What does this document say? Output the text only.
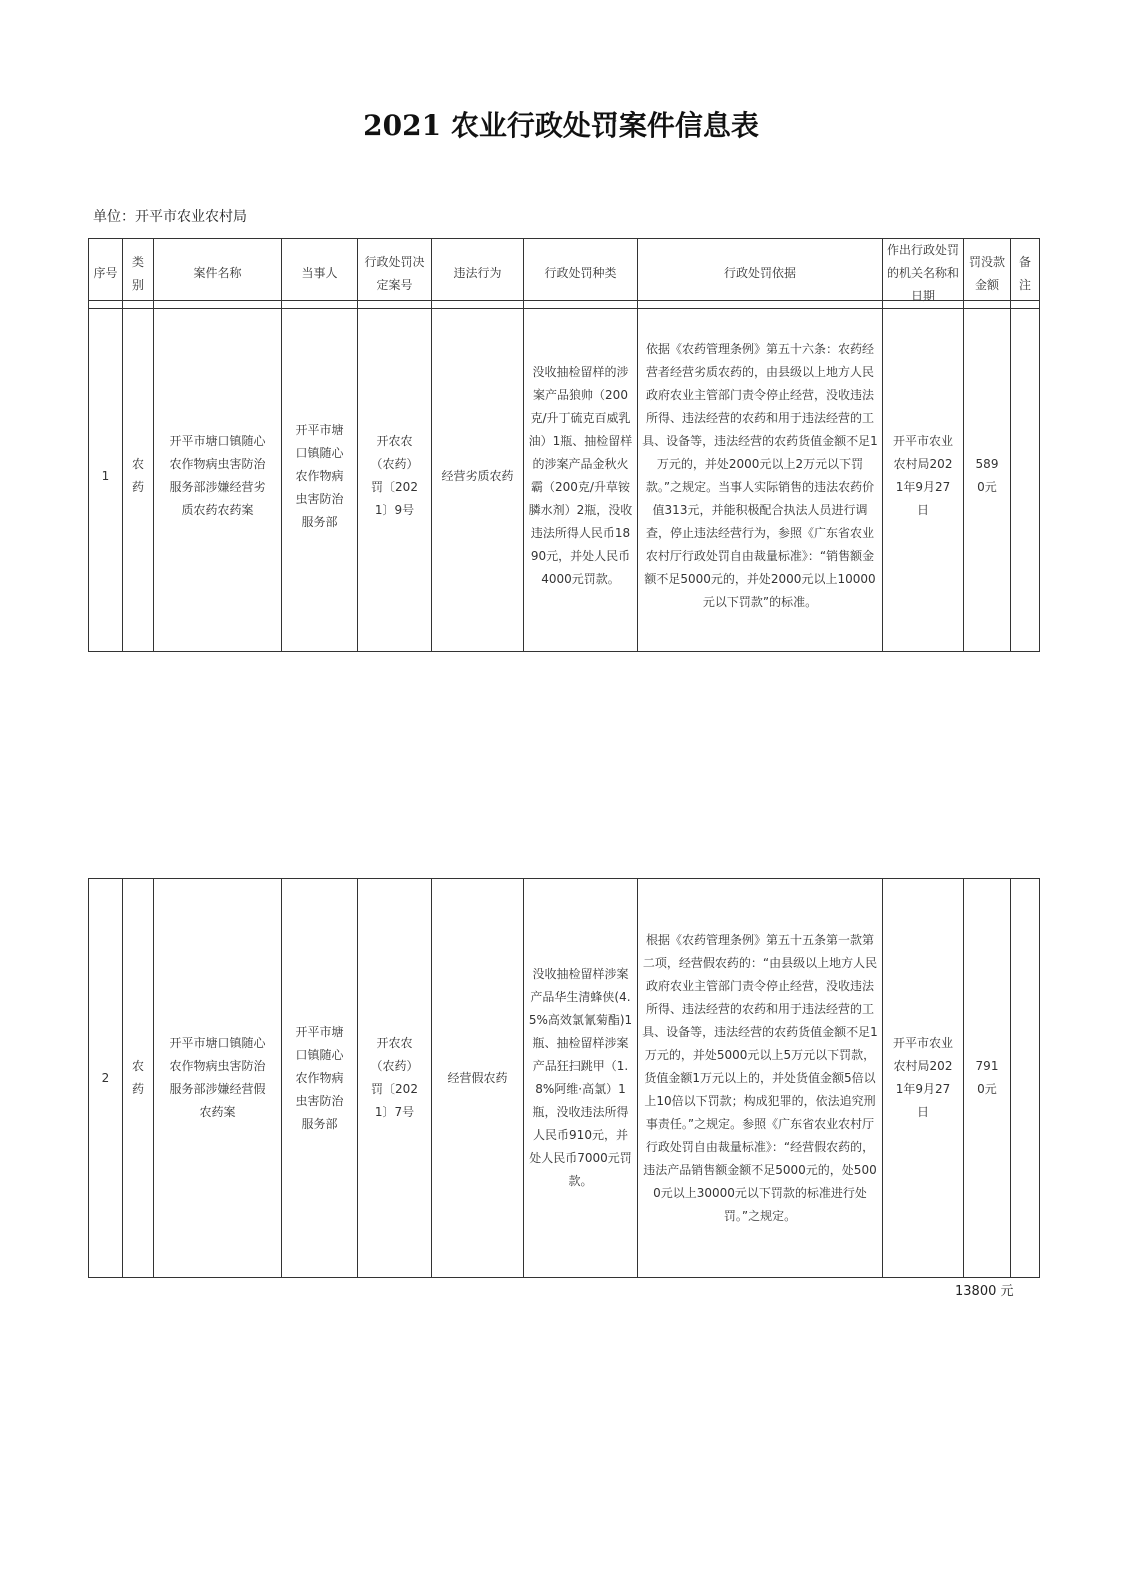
2021 农业行政处罚案件信息表
单位：开平市农业农村局
序号	类别	案件名称	当事人	行政处罚决定案号	违法行为	行政处罚种类	行政处罚依据	作出行政处罚的机关名称和日期	罚没款金额	备注
1	农药	开平市塘口镇随心农作物病虫害防治服务部涉嫌经营劣质农药农药案	开平市塘口镇随心农作物病虫害防治服务部	开农农（农药）罚〔2021〕9号	经营劣质农药	没收抽检留样的涉案产品狼帅（200克/升丁硫克百威乳油）1瓶、抽检留样的涉案产品金秋火霸（200克/升草铵膦水剂）2瓶，没收违法所得人民币1890元，并处人民币4000元罚款。	依据《农药管理条例》第五十六条：农药经营者经营劣质农药的，由县级以上地方人民政府农业主管部门责令停止经营，没收违法所得、违法经营的农药和用于违法经营的工具、设备等，违法经营的农药货值金额不足1万元的，并处2000元以上2万元以下罚款。”之规定。当事人实际销售的违法农药价值313元，并能积极配合执法人员进行调查，停止违法经营行为，参照《广东省农业农村厅行政处罚自由裁量标准》：“销售额金额不足5000元的，并处2000元以上10000元以下罚款”的标准。	开平市农业农村局2021年9月27日	5890元	
2	农药	开平市塘口镇随心农作物病虫害防治服务部涉嫌经营假农药案	开平市塘口镇随心农作物病虫害防治服务部	开农农（农药）罚〔2021〕7号	经营假农药	没收抽检留样涉案产品华生清蜂侠(4.5%高效氯氰菊酯)1瓶、抽检留样涉案产品狂扫跳甲（1.8%阿维·高氯）1瓶，没收违法所得人民币910元，并处人民币7000元罚款。	根据《农药管理条例》第五十五条第一款第二项，经营假农药的：“由县级以上地方人民政府农业主管部门责令停止经营，没收违法所得、违法经营的农药和用于违法经营的工具、设备等，违法经营的农药货值金额不足1万元的，并处5000元以上5万元以下罚款，货值金额1万元以上的，并处货值金额5倍以上10倍以下罚款；构成犯罪的，依法追究刑事责任。”之规定。参照《广东省农业农村厅行政处罚自由裁量标准》：“经营假农药的，违法产品销售额金额不足5000元的，处5000元以上30000元以下罚款的标准进行处罚。”之规定。	开平市农业农村局2021年9月27日	7910元	
13800 元
